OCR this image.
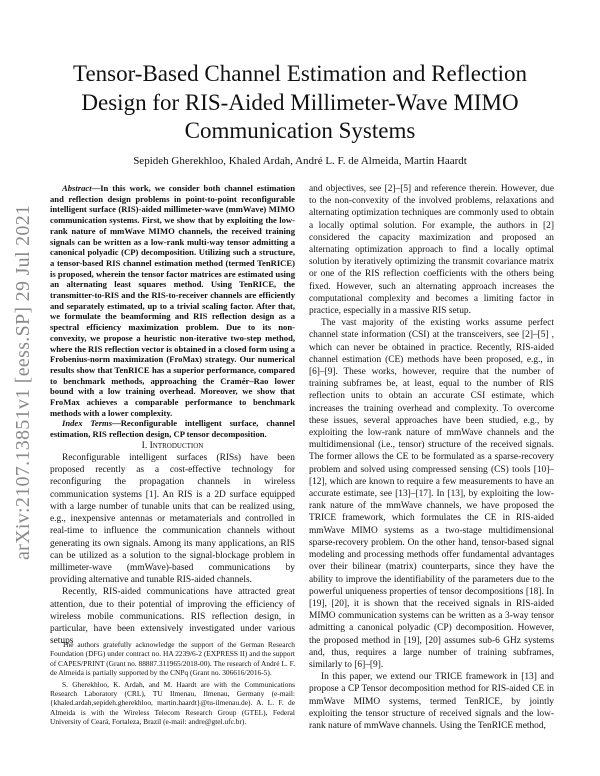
Tensor-Based Channel Estimation and Reflection Design for RIS-Aided Millimeter-Wave MIMO Communication Systems
Sepideh Gherekhloo, Khaled Ardah, André L. F. de Almeida, Martin Haardt
arXiv:2107.13851v1 [eess.SP] 29 Jul 2021

Abstract—In this work, we consider both channel estimation and reflection design problems in point-to-point reconfigurable intelligent surface (RIS)-aided millimeter-wave (mmWave) MIMO communication systems. First, we show that by exploiting the low-rank nature of mmWave MIMO channels, the received training signals can be written as a low-rank multi-way tensor admitting a canonical polyadic (CP) decomposition. Utilizing such a structure, a tensor-based RIS channel estimation method (termed TenRICE) is proposed, wherein the tensor factor matrices are estimated using an alternating least squares method. Using TenRICE, the transmitter-to-RIS and the RIS-to-receiver channels are efficiently and separately estimated, up to a trivial scaling factor. After that, we formulate the beamforming and RIS reflection design as a spectral efficiency maximization problem. Due to its non-convexity, we propose a heuristic non-iterative two-step method, where the RIS reflection vector is obtained in a closed form using a Frobenius-norm maximization (FroMax) strategy. Our numerical results show that TenRICE has a superior performance, compared to benchmark methods, approaching the Cramér–Rao lower bound with a low training overhead. Moreover, we show that FroMax achieves a comparable performance to benchmark methods with a lower complexity.

Index Terms—Reconfigurable intelligent surface, channel estimation, RIS reflection design, CP tensor decomposition.

I. Introduction

Reconfigurable intelligent surfaces (RISs) have been proposed recently as a cost-effective technology for reconfiguring the propagation channels in wireless communication systems [1]. An RIS is a 2D surface equipped with a large number of tunable units that can be realized using, e.g., inexpensive antennas or metamaterials and controlled in real-time to influence the communication channels without generating its own signals. Among its many applications, an RIS can be utilized as a solution to the signal-blockage problem in millimeter-wave (mmWave)-based communications by providing alternative and tunable RIS-aided channels.

Recently, RIS-aided communications have attracted great attention, due to their potential of improving the efficiency of wireless mobile communications. RIS reflection design, in particular, have been extensively investigated under various setups

The authors gratefully acknowledge the support of the German Research Foundation (DFG) under contract no. HA 2239/6-2 (EXPRESS II) and the support of CAPES/PRINT (Grant no. 88887.311965/2018-00). The research of André L. F. de Almeida is partially supported by the CNPq (Grant no. 306616/2016-5).

S. Gherekhloo, K. Ardah, and M. Haardt are with the Communications Research Laboratory (CRL), TU Ilmenau, Ilmenau, Germany (e-mail: {khaled.ardah,sepideh.gherekhloo, martin.haardt}@tu-ilmenau.de). A. L. F. de Almeida is with the Wireless Telecom Research Group (GTEL), Federal University of Ceará, Fortaleza, Brazil (e-mail: andre@gtel.ufc.br).

and objectives, see [2]–[5] and reference therein. However, due to the non-convexity of the involved problems, relaxations and alternating optimization techniques are commonly used to obtain a locally optimal solution. For example, the authors in [2] considered the capacity maximization and proposed an alternating optimization approach to find a locally optimal solution by iteratively optimizing the transmit covariance matrix or one of the RIS reflection coefficients with the others being fixed. However, such an alternating approach increases the computational complexity and becomes a limiting factor in practice, especially in a massive RIS setup.

The vast majority of the existing works assume perfect channel state information (CSI) at the transceivers, see [2]–[5] , which can never be obtained in practice. Recently, RIS-aided channel estimation (CE) methods have been proposed, e.g., in [6]–[9]. These works, however, require that the number of training subframes be, at least, equal to the number of RIS reflection units to obtain an accurate CSI estimate, which increases the training overhead and complexity. To overcome these issues, several approaches have been studied, e.g., by exploiting the low-rank nature of mmWave channels and the multidimensional (i.e., tensor) structure of the received signals. The former allows the CE to be formulated as a sparse-recovery problem and solved using compressed sensing (CS) tools [10]–[12], which are known to require a few measurements to have an accurate estimate, see [13]–[17]. In [13], by exploiting the low-rank nature of the mmWave channels, we have proposed the TRICE framework, which formulates the CE in RIS-aided mmWave MIMO systems as a two-stage multidimensional sparse-recovery problem. On the other hand, tensor-based signal modeling and processing methods offer fundamental advantages over their bilinear (matrix) counterparts, since they have the ability to improve the identifiability of the parameters due to the powerful uniqueness properties of tensor decompositions [18]. In [19], [20], it is shown that the received signals in RIS-aided MIMO communication systems can be written as a 3-way tensor admitting a canonical polyadic (CP) decomposition. However, the proposed method in [19], [20] assumes sub-6 GHz systems and, thus, requires a large number of training subframes, similarly to [6]–[9].

In this paper, we extend our TRICE framework in [13] and propose a CP Tensor decomposition method for RIS-aided CE in mmWave MIMO systems, termed TenRICE, by jointly exploiting the tensor structure of received signals and the low-rank nature of mmWave channels. Using the TenRICE method,
